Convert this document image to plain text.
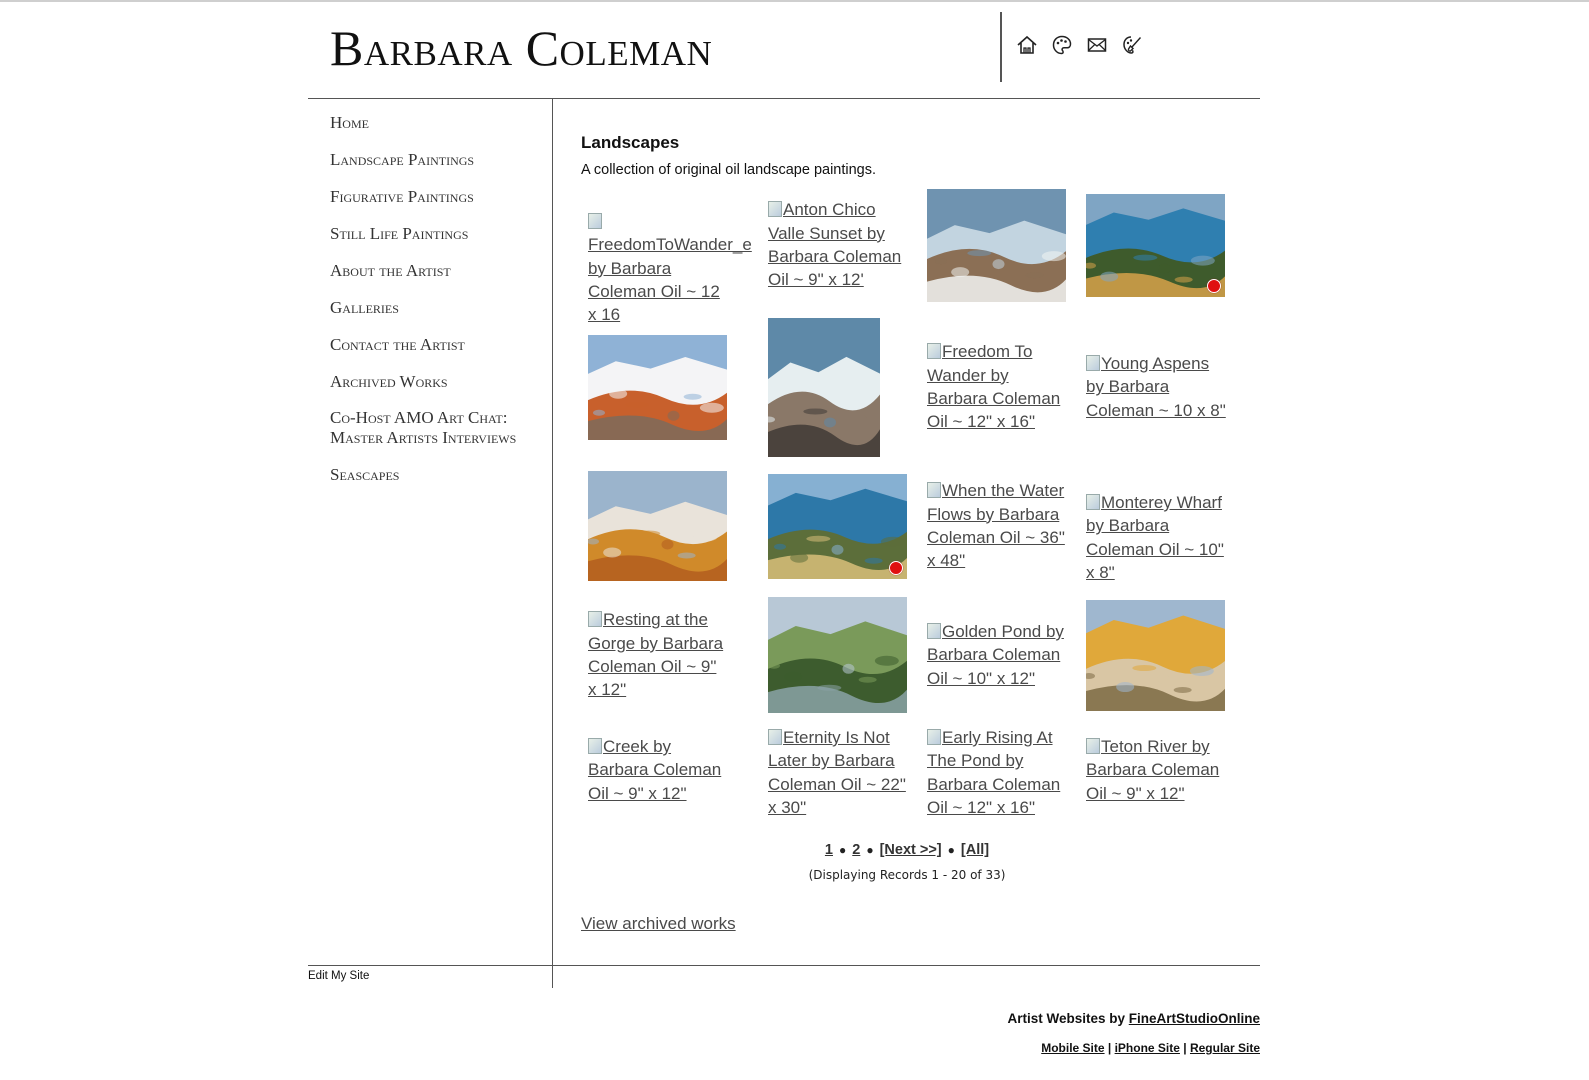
Barbara Coleman
Home
Landscape Paintings
Figurative Paintings
Still Life Paintings
About the Artist
Galleries
Contact the Artist
Archived Works
Co-Host AMO Art Chat: Master Artists Interviews
Seascapes
Landscapes

A collection of original oil landscape paintings.

FreedomToWander_e by Barbara Coleman Oil ~ 12 x 16
Anton Chico Valle Sunset by Barbara Coleman Oil ~ 9" x 12'
Freedom To Wander by Barbara Coleman Oil ~ 12" x 16"
Young Aspens by Barbara Coleman ~ 10 x 8"
When the Water Flows by Barbara Coleman Oil ~ 36" x 48"
Monterey Wharf by Barbara Coleman Oil ~ 10" x 8"
Resting at the Gorge by Barbara Coleman Oil ~ 9" x 12"
Golden Pond by Barbara Coleman Oil ~ 10" x 12"
Creek by Barbara Coleman Oil ~ 9" x 12"
Eternity Is Not Later by Barbara Coleman Oil ~ 22" x 30"
Early Rising At The Pond by Barbara Coleman Oil ~ 12" x 16"
Teton River by Barbara Coleman Oil ~ 9" x 12"
1 ● 2 ● [Next >>] ● [All]
(Displaying Records 1 - 20 of 33)
View archived works
Edit My Site
Artist Websites by FineArtStudioOnline
Mobile Site | iPhone Site | Regular Site
